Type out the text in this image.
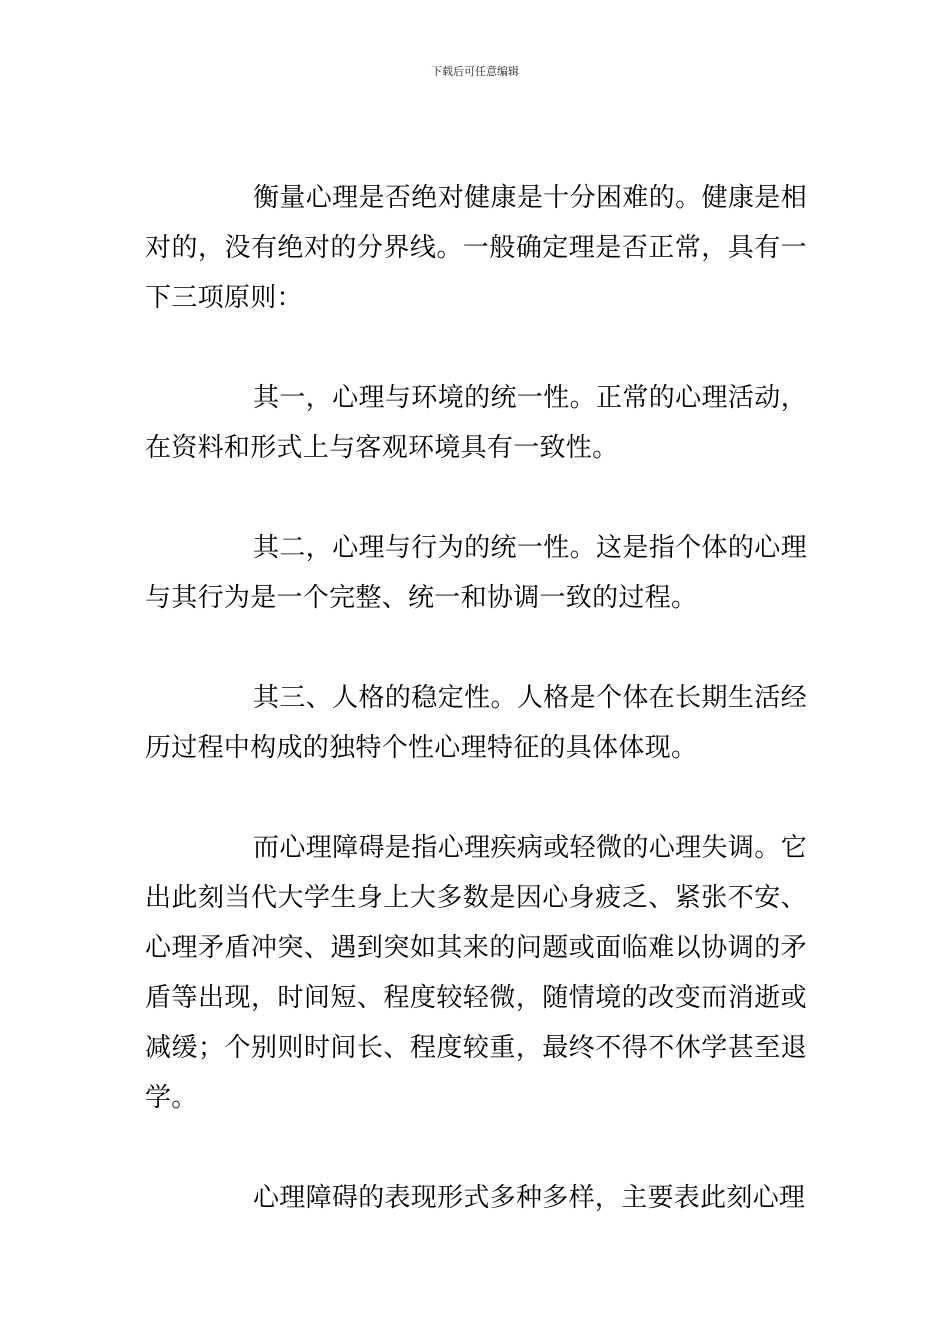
下载后可任意编辑

衡量心理是否绝对健康是十分困难的。健康是相对的，没有绝对的分界线。一般确定理是否正常，具有一下三项原则：

其一，心理与环境的统一性。正常的心理活动，在资料和形式上与客观环境具有一致性。

其二，心理与行为的统一性。这是指个体的心理与其行为是一个完整、统一和协调一致的过程。

其三、人格的稳定性。人格是个体在长期生活经历过程中构成的独特个性心理特征的具体体现。

而心理障碍是指心理疾病或轻微的心理失调。它出此刻当代大学生身上大多数是因心身疲乏、紧张不安、心理矛盾冲突、遇到突如其来的问题或面临难以协调的矛盾等出现，时间短、程度较轻微，随情境的改变而消逝或减缓；个别则时间长、程度较重，最终不得不休学甚至退学。

心理障碍的表现形式多种多样，主要表此刻心理
